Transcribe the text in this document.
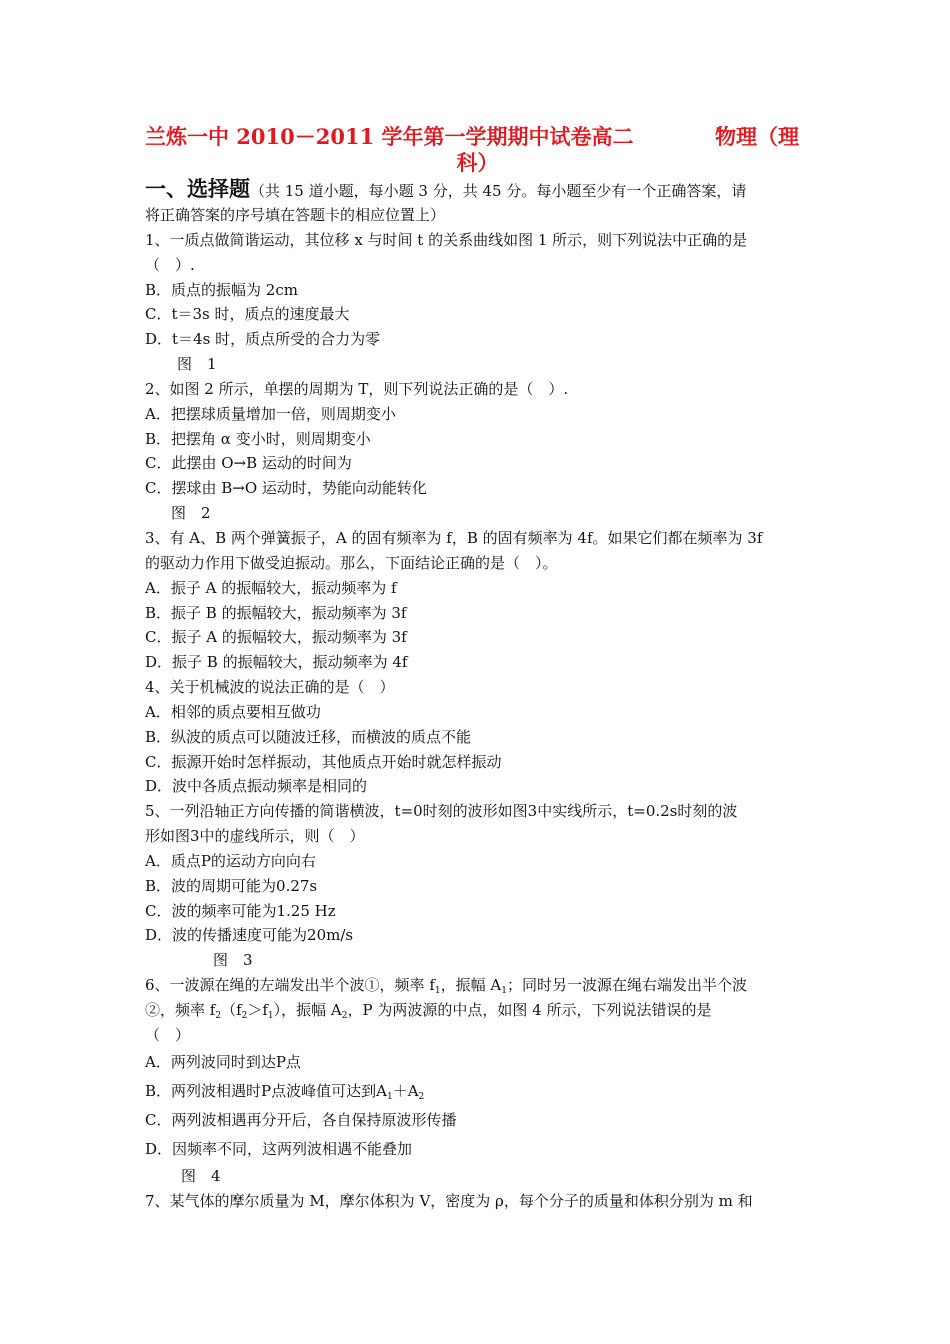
兰炼一中 2010－2011 学年第一学期期中试卷高二	物理（理
科）
一、选择题（共 15 道小题，每小题 3 分，共 45 分。每小题至少有一个正确答案，请
将正确答案的序号填在答题卡的相应位置上）
1、一质点做简谐运动，其位移 x 与时间 t 的关系曲线如图 1 所示，则下列说法中正确的是
（　）.
B．质点的振幅为 2cm
C．t＝3s 时，质点的速度最大
D．t＝4s 时，质点所受的合力为零
图　1
2、如图 2 所示，单摆的周期为 T，则下列说法正确的是（　）.
A．把摆球质量增加一倍，则周期变小
B．把摆角 α 变小时，则周期变小
C．此摆由 O→B 运动的时间为
C．摆球由 B→O 运动时，势能向动能转化
图　2
3、有 A、B 两个弹簧振子，A 的固有频率为 f，B 的固有频率为 4f。如果它们都在频率为 3f
的驱动力作用下做受迫振动。那么，下面结论正确的是（　）。
A．振子 A 的振幅较大，振动频率为 f
B．振子 B 的振幅较大，振动频率为 3f
C．振子 A 的振幅较大，振动频率为 3f
D．振子 B 的振幅较大，振动频率为 4f
4、关于机械波的说法正确的是（　）
A．相邻的质点要相互做功
B．纵波的质点可以随波迁移，而横波的质点不能
C．振源开始时怎样振动，其他质点开始时就怎样振动
D．波中各质点振动频率是相同的
5、一列沿轴正方向传播的简谐横波，t=0时刻的波形如图3中实线所示，t=0.2s时刻的波
形如图3中的虚线所示，则（　）
A．质点P的运动方向向右
B．波的周期可能为0.27s
C．波的频率可能为1.25 Hz
D．波的传播速度可能为20m/s
图　3
6、一波源在绳的左端发出半个波①，频率 $f_1$，振幅 $A_1$；同时另一波源在绳右端发出半个波
②，频率 $f_2(f_2>f_1)$，振幅 $A_2$，P 为两波源的中点，如图 4 所示，下列说法错误的是
（　）
A．两列波同时到达P点
B．两列波相遇时P点波峰值可达到$A_1+A_2$
C．两列波相遇再分开后，各自保持原波形传播
D．因频率不同，这两列波相遇不能叠加
图　4
7、某气体的摩尔质量为 M，摩尔体积为 V，密度为 ρ，每个分子的质量和体积分别为 m 和
